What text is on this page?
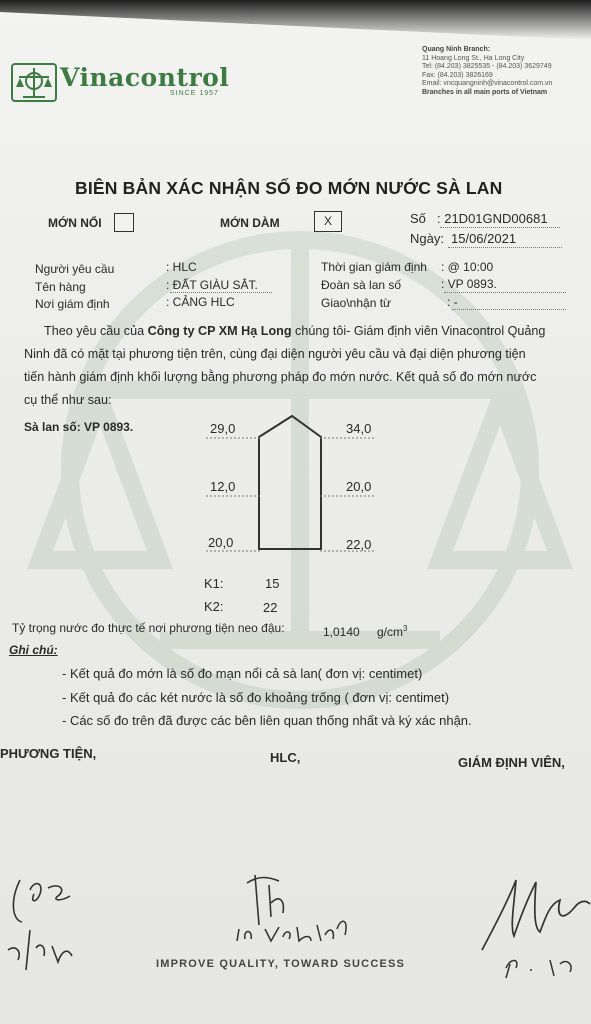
Vinacontrol
SINCE 1957
Quang Ninh Branch:
11 Hoang Long St., Ha Long City
Tel: (84.203) 3825535 - (84.203) 3629749
Fax: (84.203) 3826169
Email: vncquangninh@vinacontrol.com.vn
Branches in all main ports of Vietnam
BIÊN BẢN XÁC NHẬN SỐ ĐO MỚN NƯỚC SÀ LAN
MỚN NỔI	MỚN DÀM	X	Số : 21D01GND00681
Ngày: 15/06/2021
Người yêu cầu	: HLC
Tên hàng	: ĐẤT GIÀU SẮT.
Nơi giám định	: CẢNG HLC
Thời gian giám định : @ 10:00
Đoàn sà lan số	: VP 0893.
Giao\nhận từ	: -
Theo yêu cầu của Công ty CP XM Hạ Long chúng tôi- Giám định viên Vinacontrol Quảng
Ninh đã có mặt tại phương tiện trên, cùng đại diện người yêu cầu và đại diện phương tiện
tiến hành giám định khối lượng bằng phương pháp đo mớn nước. Kết quả số đo mớn nước
cụ thể như sau:
Sà lan số: VP 0893.	29,0	34,0
12,0	20,0
20,0	22,0
K1:	15
K2:	22
Tỷ trọng nước đo thực tế nơi phương tiện neo đậu:	1,0140 $g/cm^3$
Ghi chú:
- Kết quả đo mớn là số đo mạn nổi cả sà lan( đơn vị: centimet)
- Kết quả đo các két nước là số đo khoảng trống ( đơn vị: centimet)
- Các số đo trên đã được các bên liên quan thống nhất và ký xác nhận.
PHƯƠNG TIỆN,	HLC,	GIÁM ĐỊNH VIÊN,
IMPROVE QUALITY, TOWARD SUCCESS
